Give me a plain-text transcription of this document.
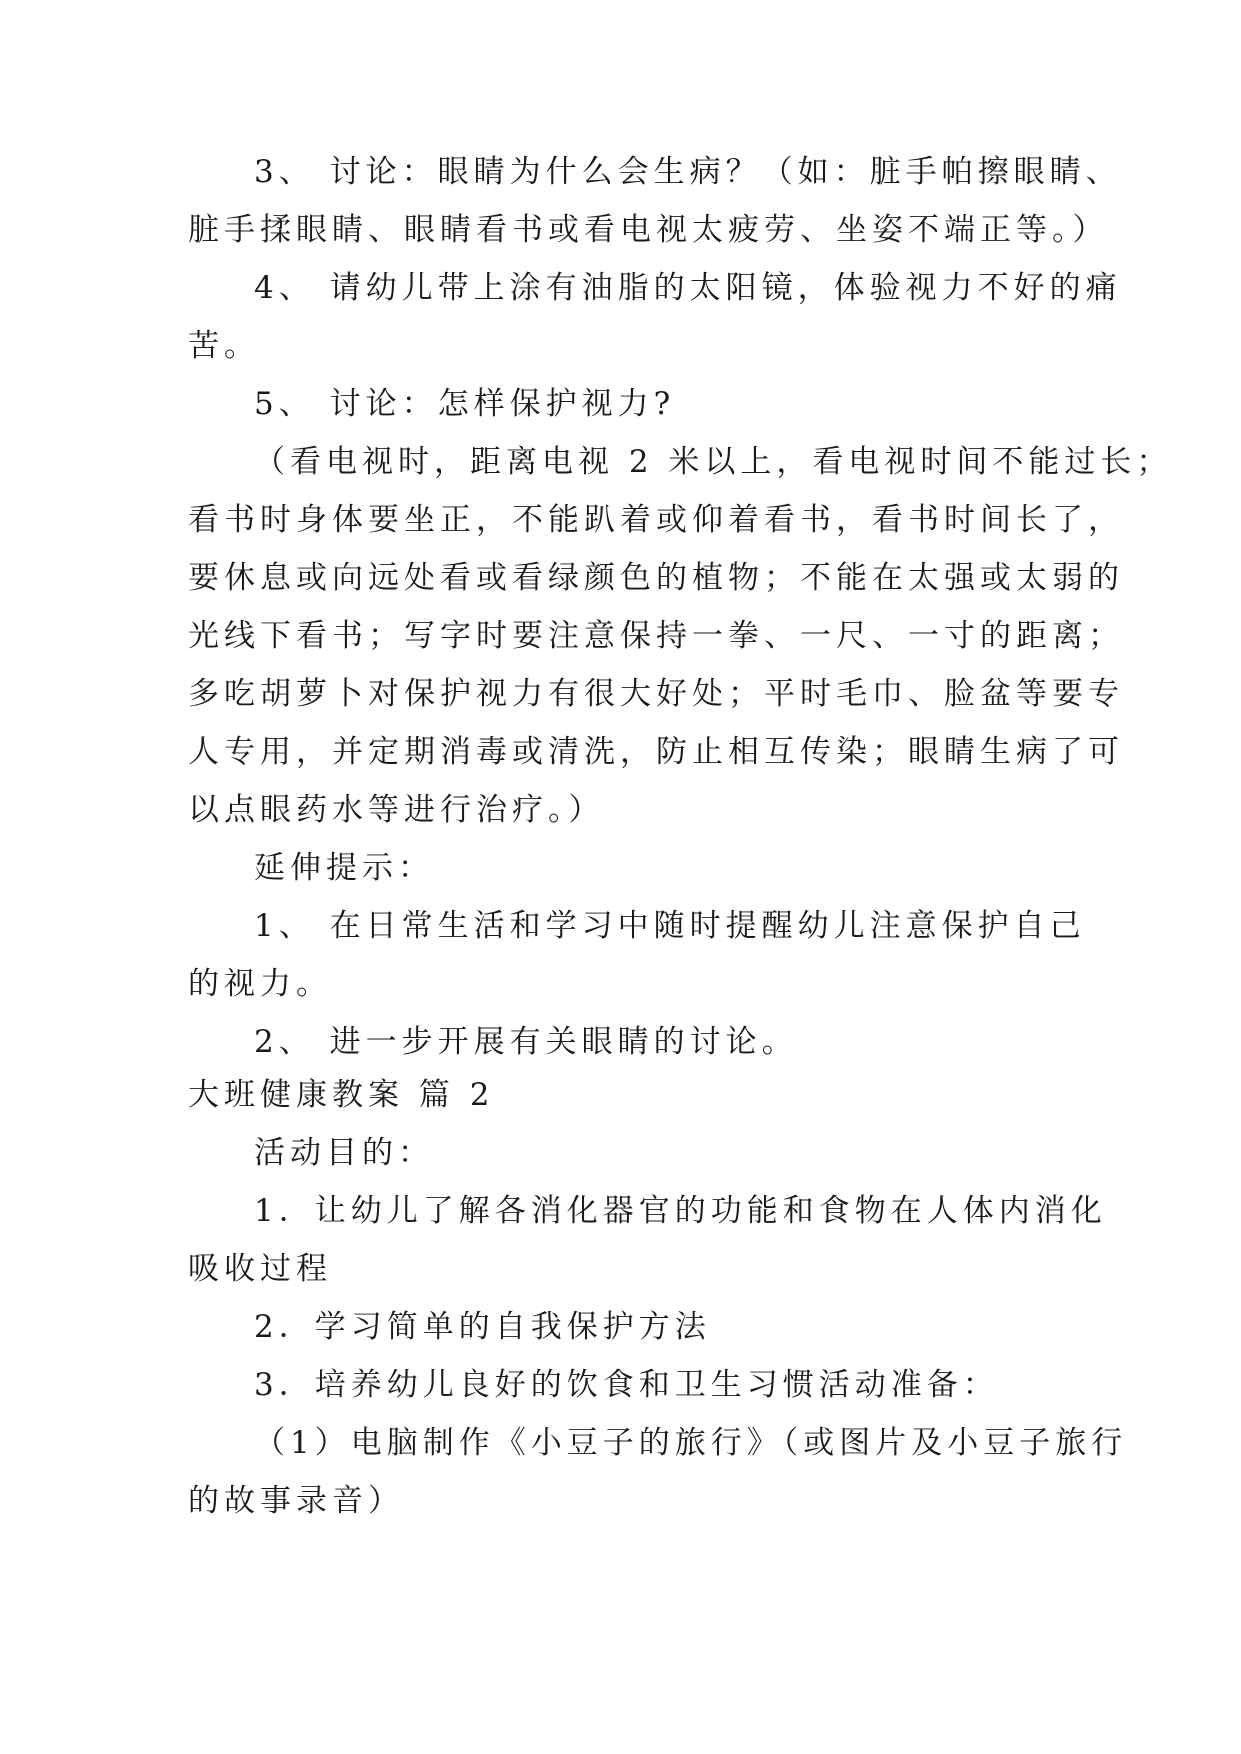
3、 讨论：眼睛为什么会生病？（如：脏手帕擦眼睛、
脏手揉眼睛、眼睛看书或看电视太疲劳、坐姿不端正等。）
4、 请幼儿带上涂有油脂的太阳镜，体验视力不好的痛
苦。
5、 讨论：怎样保护视力?
（看电视时，距离电视 2 米以上，看电视时间不能过长；
看书时身体要坐正，不能趴着或仰着看书，看书时间长了，
要休息或向远处看或看绿颜色的植物；不能在太强或太弱的
光线下看书；写字时要注意保持一拳、一尺、一寸的距离；
多吃胡萝卜对保护视力有很大好处；平时毛巾、脸盆等要专
人专用，并定期消毒或清洗，防止相互传染；眼睛生病了可
以点眼药水等进行治疗。）
延伸提示：
1、 在日常生活和学习中随时提醒幼儿注意保护自己
的视力。
2、 进一步开展有关眼睛的讨论。
大班健康教案 篇 2
活动目的：
1．让幼儿了解各消化器官的功能和食物在人体内消化
吸收过程
2．学习简单的自我保护方法
3．培养幼儿良好的饮食和卫生习惯活动准备：
（1）电脑制作《小豆子的旅行》（或图片及小豆子旅行
的故事录音）
